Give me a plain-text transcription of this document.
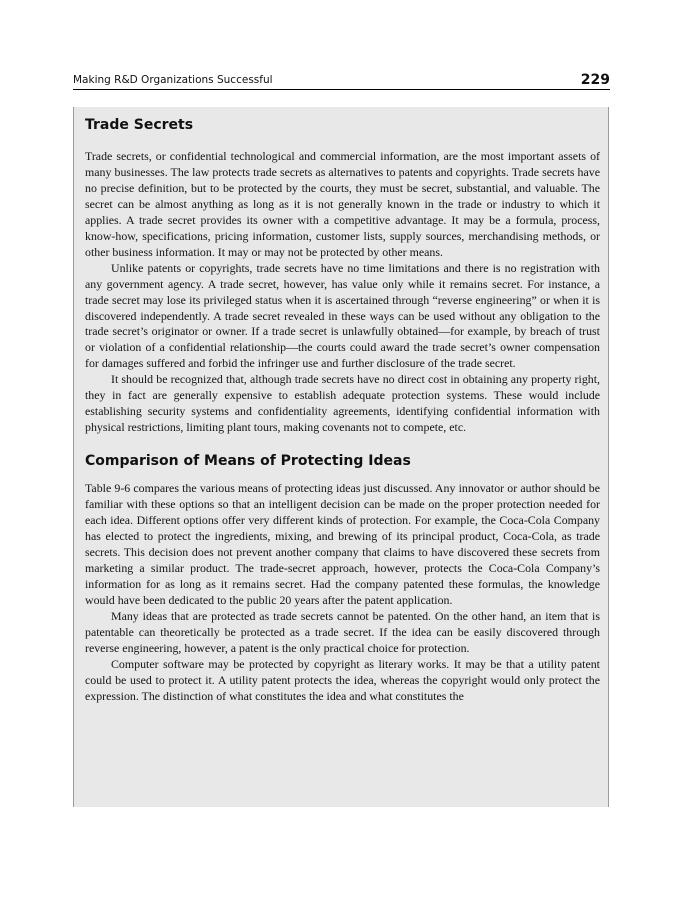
Making R&D Organizations Successful	229
Trade Secrets

Trade secrets, or confidential technological and commercial information, are the most important assets of many businesses. The law protects trade secrets as alternatives to patents and copyrights. Trade secrets have no precise definition, but to be protected by the courts, they must be secret, substantial, and valuable. The secret can be almost anything as long as it is not generally known in the trade or industry to which it applies. A trade secret provides its owner with a competitive advantage. It may be a formula, process, know-how, specifications, pricing information, customer lists, supply sources, merchandising methods, or other business information. It may or may not be protected by other means.

Unlike patents or copyrights, trade secrets have no time limitations and there is no registration with any government agency. A trade secret, however, has value only while it remains secret. For instance, a trade secret may lose its privileged status when it is ascertained through “reverse engineering” or when it is discovered independently. A trade secret revealed in these ways can be used without any obligation to the trade secret’s originator or owner. If a trade secret is unlawfully obtained—for example, by breach of trust or violation of a confidential relationship—the courts could award the trade secret’s owner compensation for damages suffered and forbid the infringer use and further disclosure of the trade secret.

It should be recognized that, although trade secrets have no direct cost in obtaining any property right, they in fact are generally expensive to establish adequate protection systems. These would include establishing security systems and confidentiality agreements, identifying confidential information with physical restrictions, limiting plant tours, making covenants not to compete, etc.

Comparison of Means of Protecting Ideas

Table 9-6 compares the various means of protecting ideas just discussed. Any innovator or author should be familiar with these options so that an intelligent decision can be made on the proper protection needed for each idea. Different options offer very different kinds of protection. For example, the Coca-Cola Company has elected to protect the ingredients, mixing, and brewing of its principal product, Coca-Cola, as trade secrets. This decision does not prevent another company that claims to have discovered these secrets from marketing a similar product. The trade-secret approach, however, protects the Coca-Cola Company’s information for as long as it remains secret. Had the company patented these formulas, the knowledge would have been dedicated to the public 20 years after the patent application.

Many ideas that are protected as trade secrets cannot be patented. On the other hand, an item that is patentable can theoretically be protected as a trade secret. If the idea can be easily discovered through reverse engineering, however, a patent is the only practical choice for protection.

Computer software may be protected by copyright as literary works. It may be that a utility patent could be used to protect it. A utility patent protects the idea, whereas the copyright would only protect the expression. The distinction of what constitutes the idea and what constitutes the
